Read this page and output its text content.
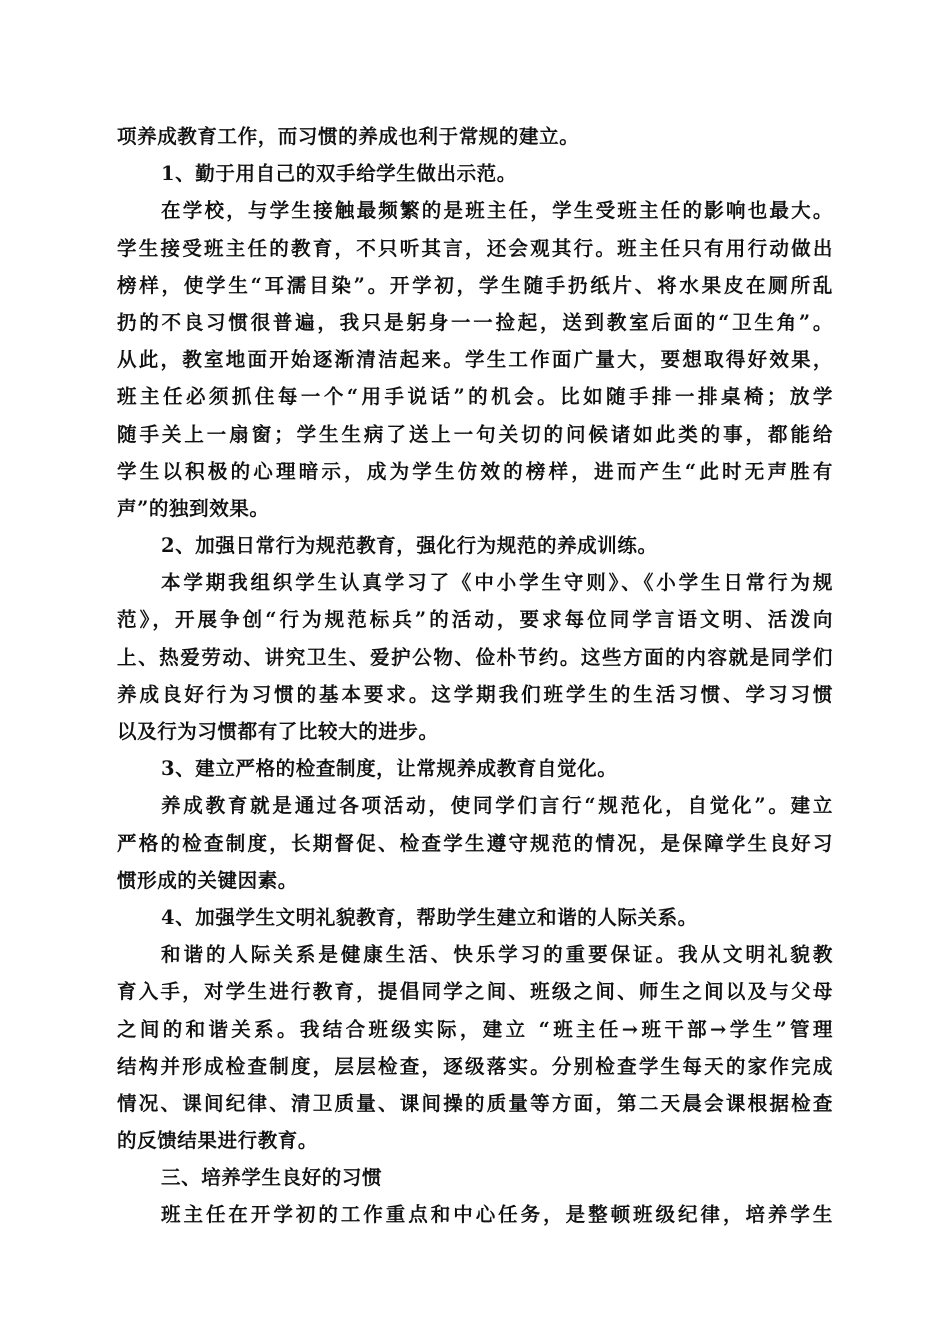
项养成教育工作，而习惯的养成也利于常规的建立。
1、勤于用自己的双手给学生做出示范。
在学校，与学生接触最频繁的是班主任，学生受班主任的影响也最大。
学生接受班主任的教育，不只听其言，还会观其行。班主任只有用行动做出
榜样，使学生“耳濡目染”。开学初，学生随手扔纸片、将水果皮在厕所乱
扔的不良习惯很普遍，我只是躬身一一捡起，送到教室后面的“卫生角”。
从此，教室地面开始逐渐清洁起来。学生工作面广量大，要想取得好效果，
班主任必须抓住每一个“用手说话”的机会。比如随手排一排桌椅；放学
随手关上一扇窗；学生生病了送上一句关切的问候诸如此类的事，都能给
学生以积极的心理暗示，成为学生仿效的榜样，进而产生“此时无声胜有
声”的独到效果。
2、加强日常行为规范教育，强化行为规范的养成训练。
本学期我组织学生认真学习了《中小学生守则》、《小学生日常行为规
范》，开展争创“行为规范标兵”的活动，要求每位同学言语文明、活泼向
上、热爱劳动、讲究卫生、爱护公物、俭朴节约。这些方面的内容就是同学们
养成良好行为习惯的基本要求。这学期我们班学生的生活习惯、学习习惯
以及行为习惯都有了比较大的进步。
3、建立严格的检查制度，让常规养成教育自觉化。
养成教育就是通过各项活动，使同学们言行“规范化，自觉化”。建立
严格的检查制度，长期督促、检查学生遵守规范的情况，是保障学生良好习
惯形成的关键因素。
4、加强学生文明礼貌教育，帮助学生建立和谐的人际关系。
和谐的人际关系是健康生活、快乐学习的重要保证。我从文明礼貌教
育入手，对学生进行教育，提倡同学之间、班级之间、师生之间以及与父母
之间的和谐关系。我结合班级实际，建立 “班主任→班干部→学生”管理
结构并形成检查制度，层层检查，逐级落实。分别检查学生每天的家作完成
情况、课间纪律、清卫质量、课间操的质量等方面，第二天晨会课根据检查
的反馈结果进行教育。
三、培养学生良好的习惯
班主任在开学初的工作重点和中心任务，是整顿班级纪律，培养学生
